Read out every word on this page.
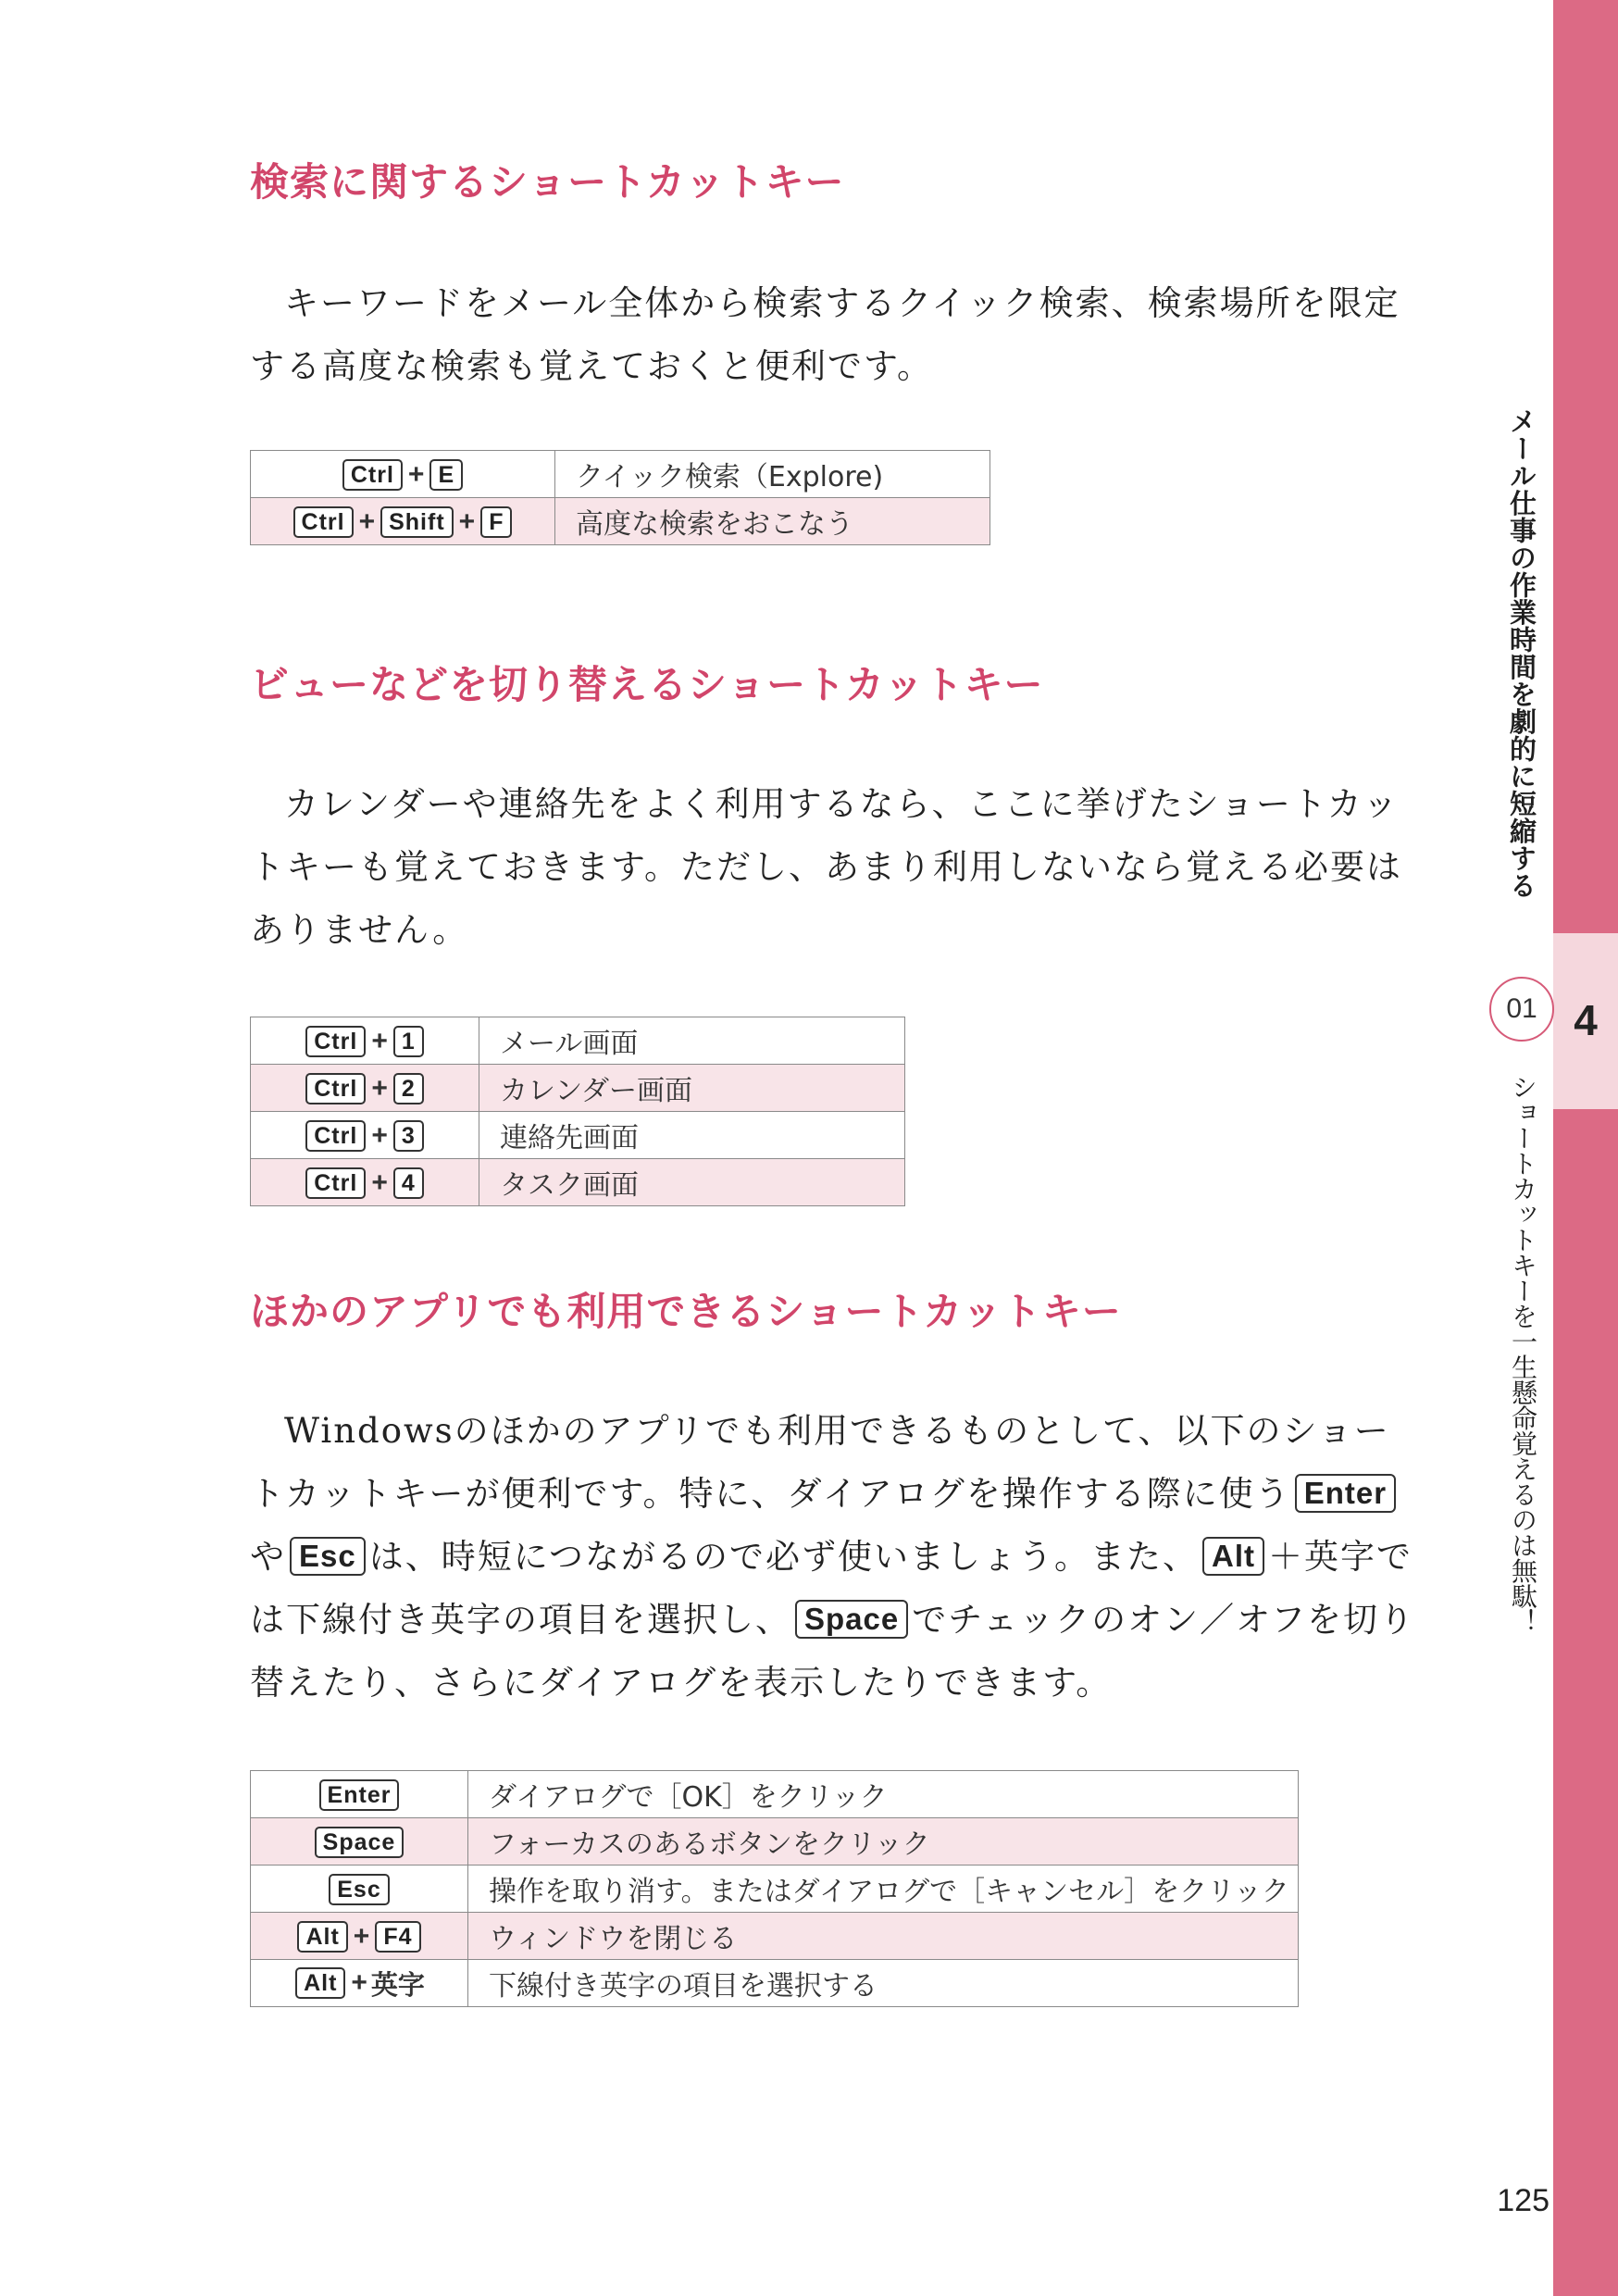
メール仕事の作業時間を劇的に短縮する
01 4
ショートカットキーを一生懸命覚えるのは無駄！
125
検索に関するショートカットキー

キーワードをメール全体から検索するクイック検索、検索場所を限定する高度な検索も覚えておくと便利です。

Ctrl + E	クイック検索（Explore)
Ctrl + Shift + F	高度な検索をおこなう
ビューなどを切り替えるショートカットキー

カレンダーや連絡先をよく利用するなら、ここに挙げたショートカットキーも覚えておきます。ただし、あまり利用しないなら覚える必要はありません。

Ctrl + 1	メール画面
Ctrl + 2	カレンダー画面
Ctrl + 3	連絡先画面
Ctrl + 4	タスク画面
ほかのアプリでも利用できるショートカットキー

Windowsのほかのアプリでも利用できるものとして、以下のショートカットキーが便利です。特に、ダイアログを操作する際に使う Enterや Esc は、時短につながるので必ず使いましょう。また、 Alt ＋英字では下線付き英字の項目を選択し、 Space でチェックのオン／オフを切り替えたり、さらにダイアログを表示したりできます。

Enter	ダイアログで［OK］をクリック
Space	フォーカスのあるボタンをクリック
Esc	操作を取り消す。またはダイアログで［キャンセル］をクリック
Alt + F4	ウィンドウを閉じる
Alt + 英字	下線付き英字の項目を選択する
